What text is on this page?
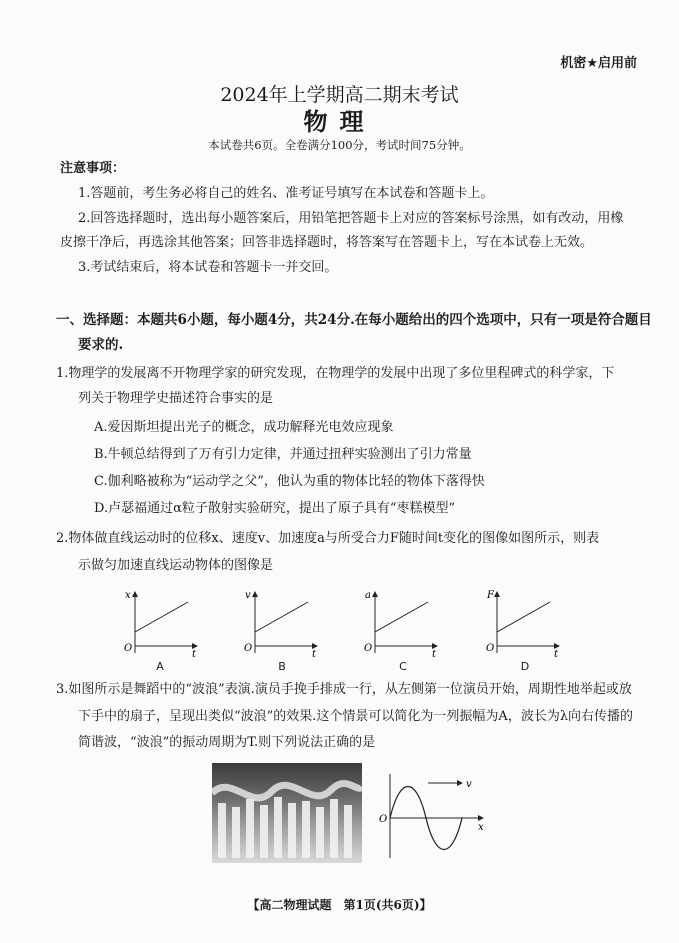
机密★启用前
2024年上学期高二期末考试
物理
本试卷共6页。全卷满分100分，考试时间75分钟。
注意事项：
1.答题前，考生务必将自己的姓名、准考证号填写在本试卷和答题卡上。
2.回答选择题时，选出每小题答案后，用铅笔把答题卡上对应的答案标号涂黑，如有改动，用橡
皮擦干净后，再选涂其他答案；回答非选择题时，将答案写在答题卡上，写在本试卷上无效。
3.考试结束后，将本试卷和答题卡一并交回。
一、选择题：本题共6小题，每小题4分，共24分.在每小题给出的四个选项中，只有一项是符合题目
要求的.
1.物理学的发展离不开物理学家的研究发现，在物理学的发展中出现了多位里程碑式的科学家，下
列关于物理学史描述符合事实的是
A.爱因斯坦提出光子的概念，成功解释光电效应现象
B.牛顿总结得到了万有引力定律，并通过扭秤实验测出了引力常量
C.伽利略被称为“运动学之父”，他认为重的物体比轻的物体下落得快
D.卢瑟福通过α粒子散射实验研究，提出了原子具有“枣糕模型”
2.物体做直线运动时的位移x、速度v、加速度a与所受合力F随时间t变化的图像如图所示，则表
示做匀加速直线运动物体的图像是
x
O
t
A
v
O
t
B
a
O
t
C
F
O
t
D
3.如图所示是舞蹈中的“波浪”表演.演员手挽手排成一行，从左侧第一位演员开始，周期性地举起或放
下手中的扇子，呈现出类似“波浪”的效果.这个情景可以简化为一列振幅为A，波长为λ向右传播的
简谐波，“波浪”的振动周期为T.则下列说法正确的是
v
O
x
【高二物理试题　第1页(共6页)】
